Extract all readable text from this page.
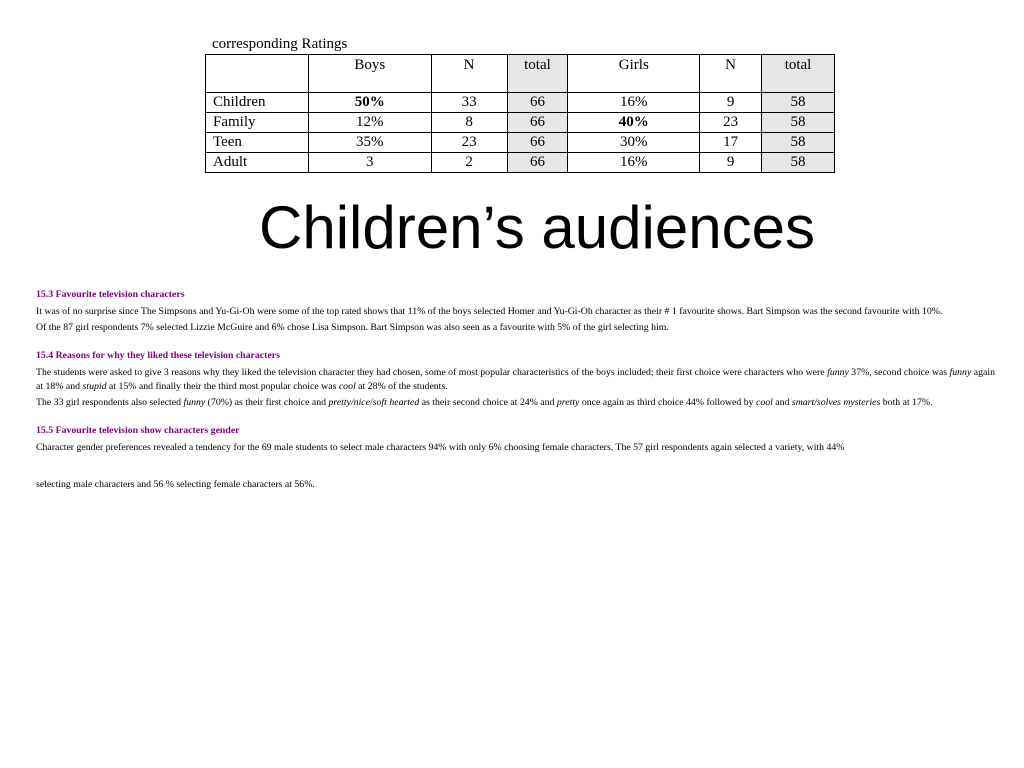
corresponding Ratings
	Boys	N	total	Girls	N	total
Children	50%	33	66	16%	9	58
Family	12%	8	66	40%	23	58
Teen	35%	23	66	30%	17	58
Adult	3	2	66	16%	9	58
Children’s audiences

15.3 Favourite television characters

It was of no surprise since The Simpsons and Yu-Gi-Oh were some of the top rated shows that 11% of the boys selected Homer and Yu-Gi-Oh character as their # 1 favourite shows. Bart Simpson was the second favourite with 10%.

Of the 87 girl respondents 7% selected Lizzie McGuire and 6% chose Lisa Simpson. Bart Simpson was also seen as a favourite with 5% of the girl selecting him.

15.4 Reasons for why they liked these television characters

The students were asked to give 3 reasons why they liked the television character they had chosen, some of most popular characteristics of the boys included; their first choice were characters who were funny 37%, second choice was funny again at 18% and stupid at 15% and finally their the third most popular choice was cool at 28% of the students.

The 33 girl respondents also selected funny (70%) as their first choice and pretty/nice/soft hearted as their second choice at 24% and pretty once again as third choice 44% followed by cool and smart/solves mysteries both at 17%.

15.5 Favourite television show characters gender

Character gender preferences revealed a tendency for the 69 male students to select male characters 94% with only 6% choosing female characters. The 57 girl respondents again selected a variety, with 44%

selecting male characters and 56 % selecting female characters at 56%.
